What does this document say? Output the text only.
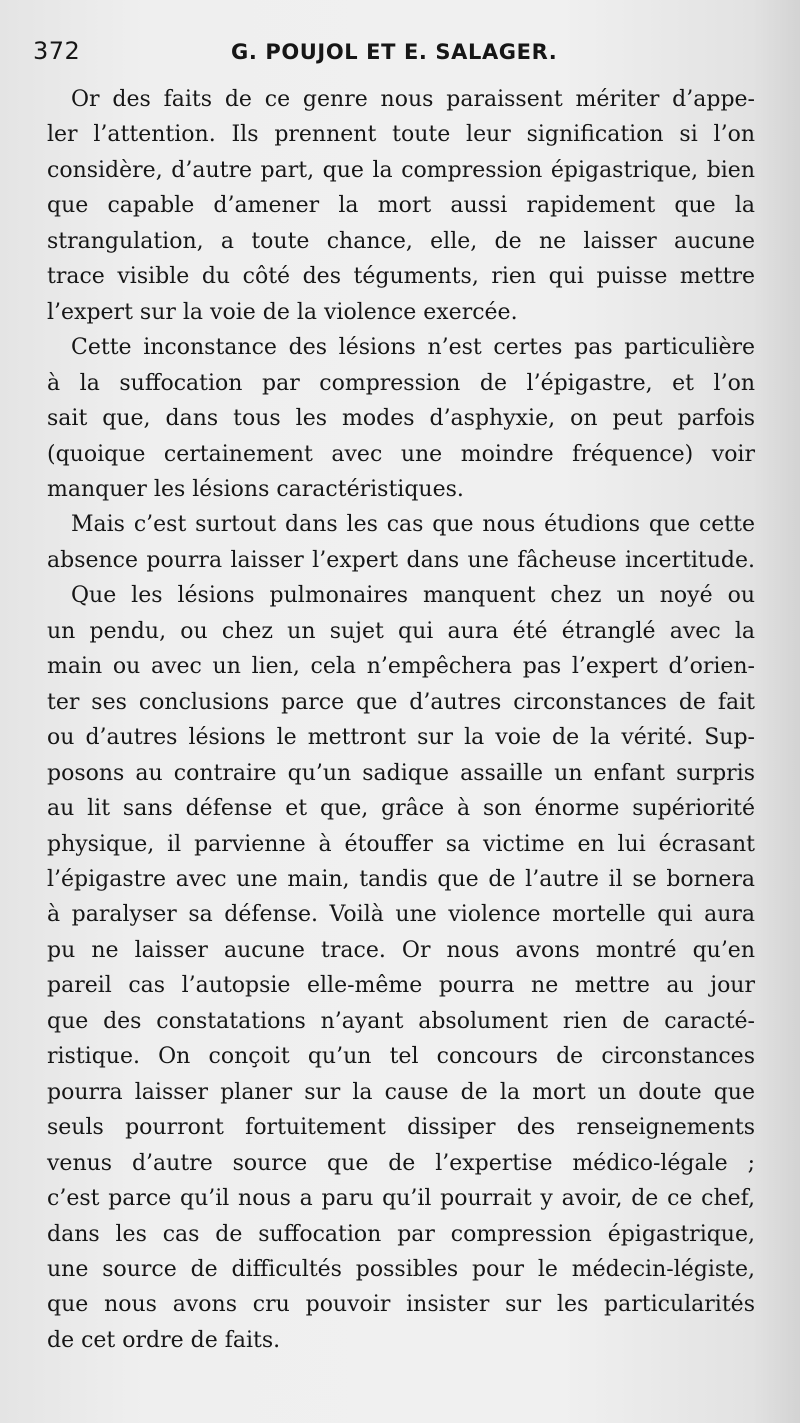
372	G. POUJOL ET E. SALAGER.

Or des faits de ce genre nous paraissent mériter d’appe-
ler l’attention. Ils prennent toute leur signification si l’on
considère, d’autre part, que la compression épigastrique, bien
que capable d’amener la mort aussi rapidement que la
strangulation, a toute chance, elle, de ne laisser aucune
trace visible du côté des téguments, rien qui puisse mettre
l’expert sur la voie de la violence exercée.

Cette inconstance des lésions n’est certes pas particulière
à la suffocation par compression de l’épigastre, et l’on
sait que, dans tous les modes d’asphyxie, on peut parfois
(quoique certainement avec une moindre fréquence) voir
manquer les lésions caractéristiques.

Mais c’est surtout dans les cas que nous étudions que cette
absence pourra laisser l’expert dans une fâcheuse incertitude.

Que les lésions pulmonaires manquent chez un noyé ou
un pendu, ou chez un sujet qui aura été étranglé avec la
main ou avec un lien, cela n’empêchera pas l’expert d’orien-
ter ses conclusions parce que d’autres circonstances de fait
ou d’autres lésions le mettront sur la voie de la vérité. Sup-
posons au contraire qu’un sadique assaille un enfant surpris
au lit sans défense et que, grâce à son énorme supériorité
physique, il parvienne à étouffer sa victime en lui écrasant
l’épigastre avec une main, tandis que de l’autre il se bornera
à paralyser sa défense. Voilà une violence mortelle qui aura
pu ne laisser aucune trace. Or nous avons montré qu’en
pareil cas l’autopsie elle-même pourra ne mettre au jour
que des constatations n’ayant absolument rien de caracté-
ristique. On conçoit qu’un tel concours de circonstances
pourra laisser planer sur la cause de la mort un doute que
seuls pourront fortuitement dissiper des renseignements
venus d’autre source que de l’expertise médico-légale ;
c’est parce qu’il nous a paru qu’il pourrait y avoir, de ce chef,
dans les cas de suffocation par compression épigastrique,
une source de difficultés possibles pour le médecin-légiste,
que nous avons cru pouvoir insister sur les particularités
de cet ordre de faits.
